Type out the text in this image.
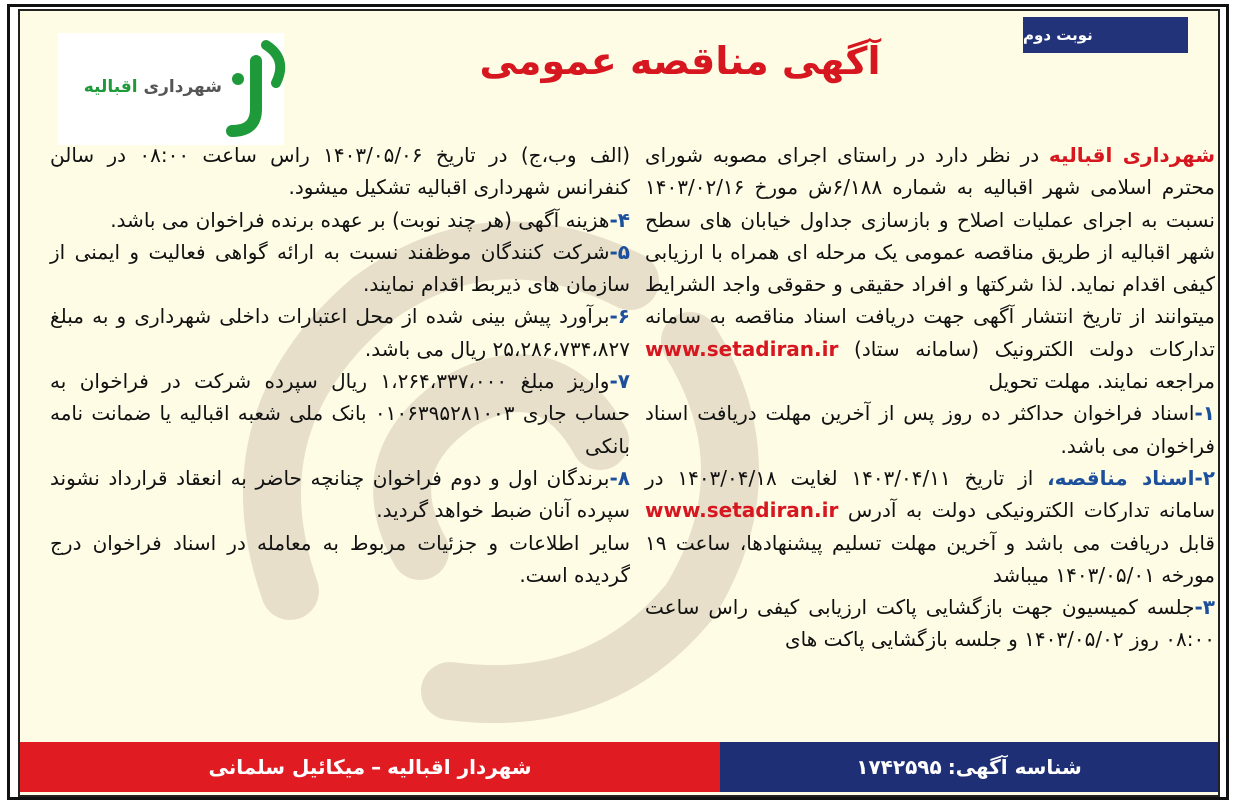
نوبت دوم
آگهی مناقصه عمومی
شهرداری اقبالیه

شهرداری اقبالیه در نظر دارد در راستای اجرای مصوبه شورای محترم اسلامی شهر اقبالیه به شماره ۶/۱۸۸ش مورخ ۱۴۰۳/۰۲/۱۶ نسبت به اجرای عملیات اصلاح و بازسازی جداول خیابان های سطح شهر اقبالیه از طریق مناقصه عمومی یک مرحله ای همراه با ارزیابی کیفی اقدام نماید. لذا شرکتها و افراد حقیقی و حقوقی واجد الشرایط میتوانند از تاریخ انتشار آگهی جهت دریافت اسناد مناقصه به سامانه تدارکات دولت الکترونیک (سامانه ستاد) www.setadiran.ir مراجعه نمایند. مهلت تحویل

۱-اسناد فراخوان حداکثر ده روز پس از آخرین مهلت دریافت اسناد فراخوان می باشد.

۲-اسناد مناقصه، از تاریخ ۱۴۰۳/۰۴/۱۱ لغایت ۱۴۰۳/۰۴/۱۸ در سامانه تدارکات الکترونیکی دولت به آدرس www.setadiran.ir قابل دریافت می باشد و آخرین مهلت تسلیم پیشنهادها، ساعت ۱۹ مورخه ۱۴۰۳/۰۵/۰۱ میباشد

۳-جلسه کمیسیون جهت بازگشایی پاکت ارزیابی کیفی راس ساعت ۰۸:۰۰ روز ۱۴۰۳/۰۵/۰۲ و جلسه بازگشایی پاکت های

(الف وب،ج) در تاریخ ۱۴۰۳/۰۵/۰۶ راس ساعت ۰۸:۰۰ در سالن کنفرانس شهرداری اقبالیه تشکیل میشود.

۴-هزینه آگهی (هر چند نوبت) بر عهده برنده فراخوان می باشد.

۵-شرکت کنندگان موظفند نسبت به ارائه گواهی فعالیت و ایمنی از سازمان های ذیربط اقدام نمایند.

۶-برآورد پیش بینی شده از محل اعتبارات داخلی شهرداری و به مبلغ ۲۵،۲۸۶،۷۳۴،۸۲۷ ریال می باشد.

۷-واریز مبلغ ۱،۲۶۴،۳۳۷،۰۰۰ ریال سپرده شرکت در فراخوان به حساب جاری ۰۱۰۶۳۹۵۲۸۱۰۰۳ بانک ملی شعبه اقبالیه یا ضمانت نامه بانکی

۸-برندگان اول و دوم فراخوان چنانچه حاضر به انعقاد قرارداد نشوند سپرده آنان ضبط خواهد گردید.

سایر اطلاعات و جزئیات مربوط به معامله در اسناد فراخوان درج گردیده است.

شهردار اقبالیه
–
میکائیل سلمانی	شناسه آگهی:
۱۷۴۲۵۹۵
